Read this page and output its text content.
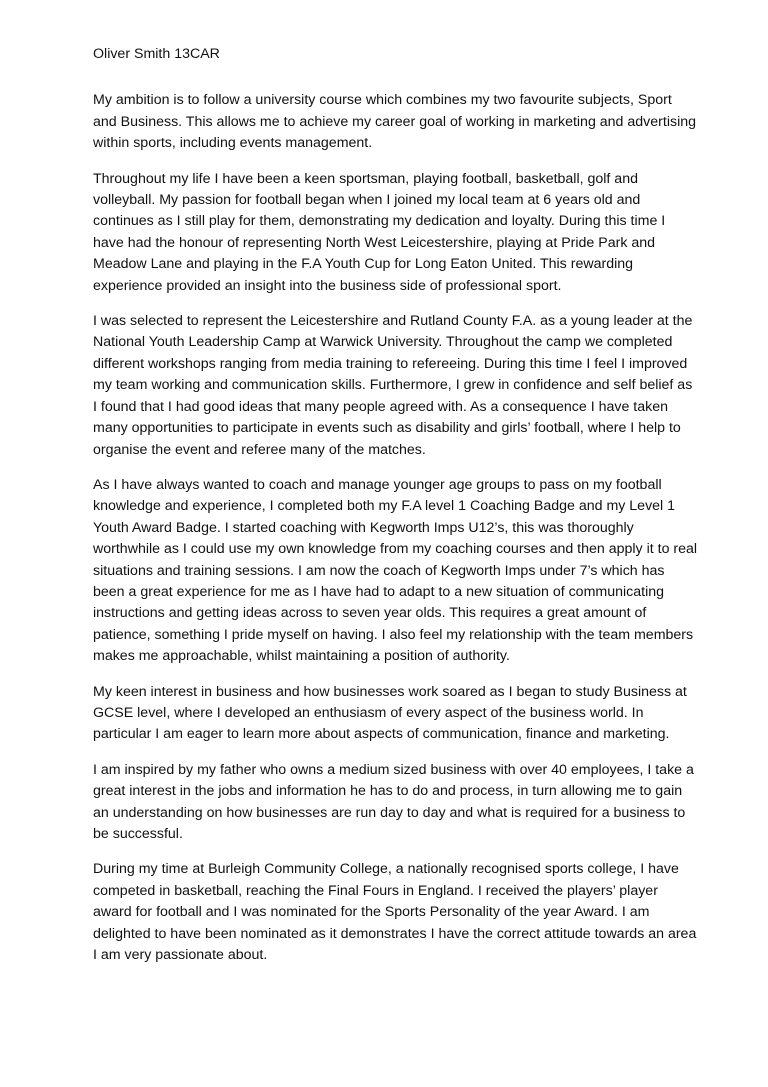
Oliver Smith 13CAR

My ambition is to follow a university course which combines my two favourite subjects, Sport and Business. This allows me to achieve my career goal of working in marketing and advertising within sports, including events management.

Throughout my life I have been a keen sportsman, playing football, basketball, golf and volleyball. My passion for football began when I joined my local team at 6 years old and continues as I still play for them, demonstrating my dedication and loyalty. During this time I have had the honour of representing North West Leicestershire, playing at Pride Park and Meadow Lane and playing in the F.A Youth Cup for Long Eaton United. This rewarding experience provided an insight into the business side of professional sport.

I was selected to represent the Leicestershire and Rutland County F.A. as a young leader at the National Youth Leadership Camp at Warwick University. Throughout the camp we completed different workshops ranging from media training to refereeing. During this time I feel I improved my team working and communication skills. Furthermore, I grew in confidence and self belief as I found that I had good ideas that many people agreed with. As a consequence I have taken many opportunities to participate in events such as disability and girls’ football, where I help to organise the event and referee many of the matches.

As I have always wanted to coach and manage younger age groups to pass on my football knowledge and experience, I completed both my F.A level 1 Coaching Badge and my Level 1 Youth Award Badge. I started coaching with Kegworth Imps U12’s, this was thoroughly worthwhile as I could use my own knowledge from my coaching courses and then apply it to real situations and training sessions. I am now the coach of Kegworth Imps under 7’s which has been a great experience for me as I have had to adapt to a new situation of communicating instructions and getting ideas across to seven year olds. This requires a great amount of patience, something I pride myself on having. I also feel my relationship with the team members makes me approachable, whilst maintaining a position of authority.

My keen interest in business and how businesses work soared as I began to study Business at GCSE level, where I developed an enthusiasm of every aspect of the business world. In particular I am eager to learn more about aspects of communication, finance and marketing.

I am inspired by my father who owns a medium sized business with over 40 employees, I take a great interest in the jobs and information he has to do and process, in turn allowing me to gain an understanding on how businesses are run day to day and what is required for a business to be successful.

During my time at Burleigh Community College, a nationally recognised sports college, I have competed in basketball, reaching the Final Fours in England. I received the players’ player award for football and I was nominated for the Sports Personality of the year Award. I am delighted to have been nominated as it demonstrates I have the correct attitude towards an area I am very passionate about.
